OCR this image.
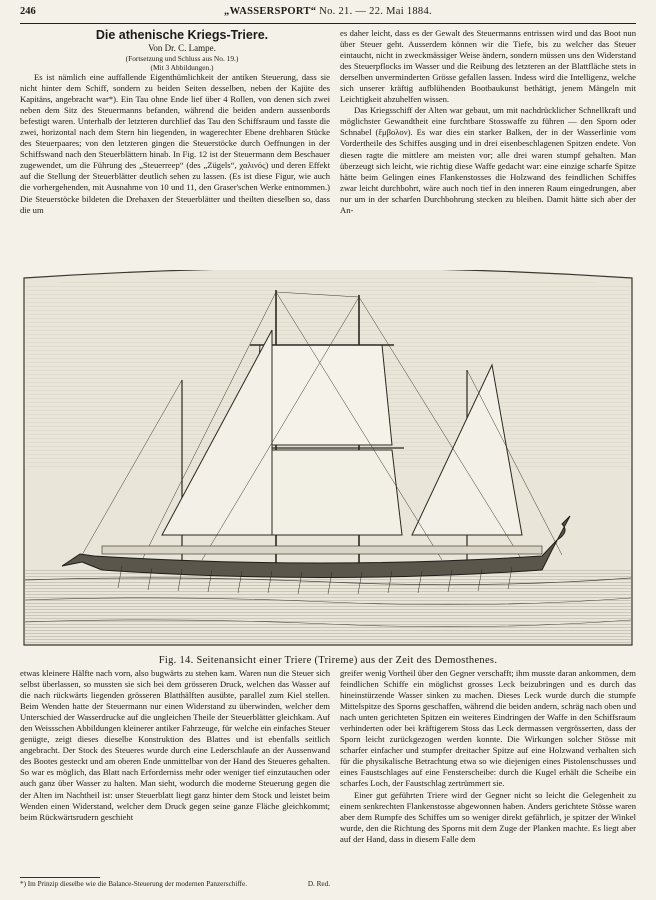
246	„WASSERSPORT“ No. 21. — 22. Mai 1884.

Die athenische Kriegs-Triere.

Von Dr. C. Lampe.

(Fortsetzung und Schluss aus No. 19.)

(Mit 3 Abbildungen.)

Es ist nämlich eine auffallende Eigenthümlichkeit der antiken Steuerung, dass sie nicht hinter dem Schiff, sondern zu beiden Seiten desselben, neben der Kajüte des Kapitäns, angebracht war*). Ein Tau ohne Ende lief über 4 Rollen, von denen sich zwei neben dem Sitz des Steuermanns befanden, während die beiden andern aussenbords befestigt waren. Unterhalb der letzteren durchlief das Tau den Schiffsraum und fasste die zwei, horizontal nach dem Stern hin liegenden, in wagerechter Ebene drehbaren Stücke des Steuerpaares; von den letzteren gingen die Steuerstöcke durch Oeffnungen in der Schiffswand nach den Steuerblättern hinab. In Fig. 12 ist der Steuermann dem Beschauer zugewendet, um die Führung des „Steuerreep“ (des „Zügels“, χαλινός) und deren Effekt auf die Stellung der Steuerblätter deutlich sehen zu lassen. (Es ist diese Figur, wie auch die vorhergehenden, mit Ausnahme von 10 und 11, den Graser'schen Werke entnommen.) Die Steuerstöcke bildeten die Drehaxen der Steuerblätter und theilten dieselben so, dass die um

es daher leicht, dass es der Gewalt des Steuermanns entrissen wird und das Boot nun über Steuer geht. Ausserdem können wir die Tiefe, bis zu welcher das Steuer eintaucht, nicht in zweckmässiger Weise ändern, sondern müssen uns den Widerstand des Steuerpflocks im Wasser und die Reibung des letzteren an der Blattfläche stets in derselben unverminderten Grösse gefallen lassen. Indess wird die Intelligenz, welche sich unserer kräftig aufblühenden Bootbaukunst bethätigt, jenem Mängeln mit Leichtigkeit abzuhelfen wissen.

Das Kriegsschiff der Alten war gebaut, um mit nachdrücklicher Schnellkraft und möglichster Gewandtheit eine furchtbare Stosswaffe zu führen — den Sporn oder Schnabel (ἔμβολον). Es war dies ein starker Balken, der in der Wasserlinie vom Vordertheile des Schiffes ausging und in drei eisenbeschlagenen Spitzen endete. Von diesen ragte die mittlere am meisten vor; alle drei waren stumpf gehalten. Man überzeugt sich leicht, wie richtig diese Waffe gedacht war: eine einzige scharfe Spitze hätte beim Gelingen eines Flankenstosses die Holzwand des feindlichen Schiffes zwar leicht durchbohrt, wäre auch noch tief in den inneren Raum eingedrungen, aber nur um in der scharfen Durchbohrung stecken zu bleiben. Damit hätte sich aber der An-

Fig. 14. Seitenansicht einer Triere (Trireme) aus der Zeit des Demosthenes.

etwas kleinere Hälfte nach vorn, also bugwärts zu stehen kam. Waren nun die Steuer sich selbst überlassen, so mussten sie sich bei dem grösseren Druck, welchen das Wasser auf die nach rückwärts liegenden grösseren Blatthälften ausübte, parallel zum Kiel stellen. Beim Wenden hatte der Steuermann nur einen Widerstand zu überwinden, welcher dem Unterschied der Wasserdrucke auf die ungleichen Theile der Steuerblätter gleichkam. Auf den Weissschen Abbildungen kleinerer antiker Fahrzeuge, für welche ein einfaches Steuer genügte, zeigt dieses dieselbe Konstruktion des Blattes und ist ebenfalls seitlich angebracht. Der Stock des Steueres wurde durch eine Lederschlaufe an der Aussenwand des Bootes gesteckt und am oberen Ende unmittelbar von der Hand des Steueres gehalten. So war es möglich, das Blatt nach Erforderniss mehr oder weniger tief einzutauchen oder auch ganz über Wasser zu halten. Man sieht, wodurch die moderne Steuerung gegen die der Alten im Nachtheil ist: unser Steuerblatt liegt ganz hinter dem Stock und leistet beim Wenden einen Widerstand, welcher dem Druck gegen seine ganze Fläche gleichkommt; beim Rückwärtsrudern geschieht

greifer wenig Vortheil über den Gegner verschafft; ihm musste daran ankommen, dem feindlichen Schiffe ein möglichst grosses Leck beizubringen und es durch das hineinstürzende Wasser sinken zu machen. Dieses Leck wurde durch die stumpfe Mittelspitze des Sporns geschaffen, während die beiden andern, schräg nach oben und nach unten gerichteten Spitzen ein weiteres Eindringen der Waffe in den Schiffsraum verhinderten oder bei kräftigerem Stoss das Leck dermassen vergrösserten, dass der Sporn leicht zurückgezogen werden konnte. Die Wirkungen solcher Stösse mit scharfer einfacher und stumpfer dreitacher Spitze auf eine Holzwand verhalten sich für die physikalische Betrachtung etwa so wie diejenigen eines Pistolenschusses und eines Faustschlages auf eine Fensterscheibe: durch die Kugel erhält die Scheibe ein scharfes Loch, der Faustschlag zertrümmert sie.

Einer gut geführten Triere wird der Gegner nicht so leicht die Gelegenheit zu einem senkrechten Flankenstosse abgewonnen haben. Anders gerichtete Stösse waren aber dem Rumpfe des Schiffes um so weniger direkt gefährlich, je spitzer der Winkel wurde, den die Richtung des Sporns mit dem Zuge der Planken machte. Es liegt aber auf der Hand, dass in diesem Falle dem

*) Im Prinzip dieselbe wie die Balance-Steuerung der modernen Panzerschiffe.	D. Red.
